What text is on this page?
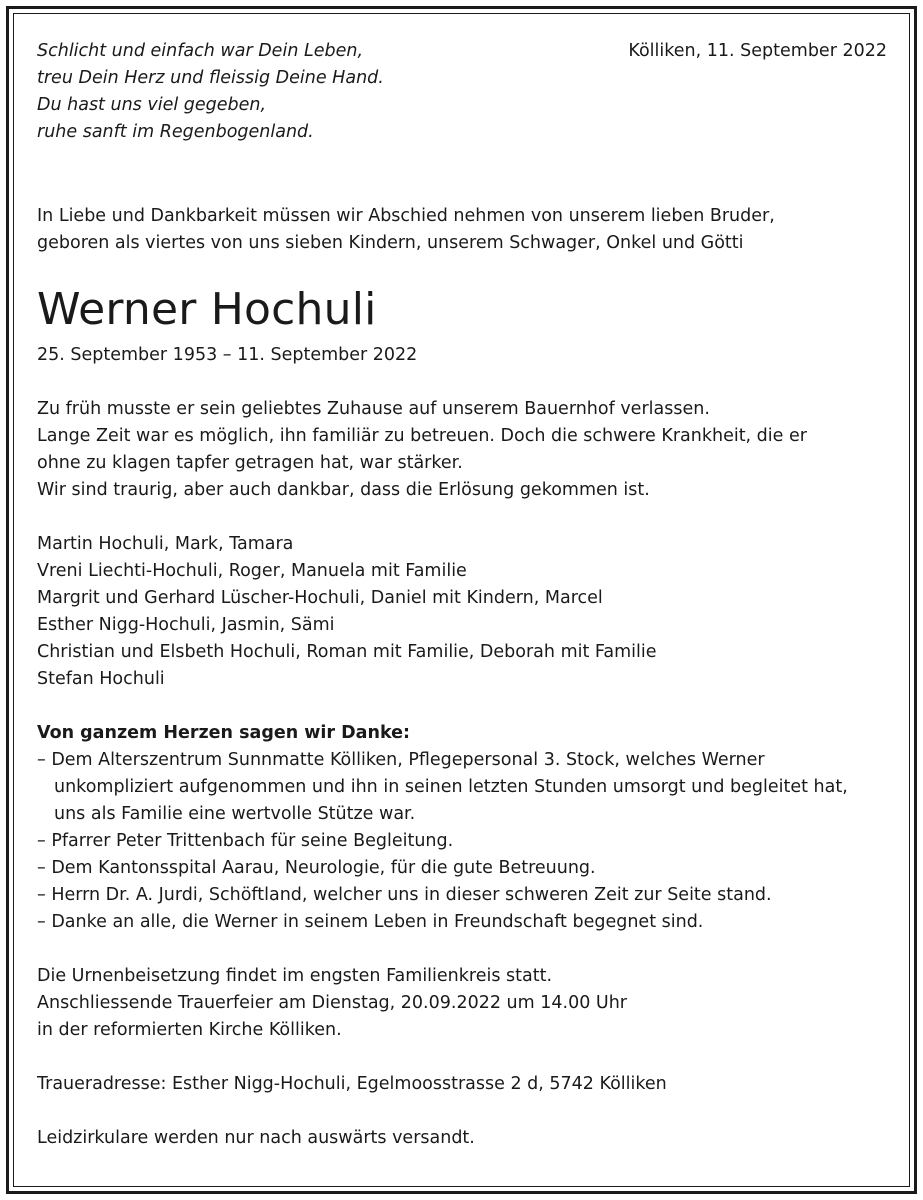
Kölliken, 11. September 2022
Schlicht und einfach war Dein Leben,
treu Dein Herz und fleissig Deine Hand.
Du hast uns viel gegeben,
ruhe sanft im Regenbogenland.
In Liebe und Dankbarkeit müssen wir Abschied nehmen von unserem lieben Bruder,
geboren als viertes von uns sieben Kindern, unserem Schwager, Onkel und Götti
Werner Hochuli
25. September 1953 – 11. September 2022
Zu früh musste er sein geliebtes Zuhause auf unserem Bauernhof verlassen.
Lange Zeit war es möglich, ihn familiär zu betreuen. Doch die schwere Krankheit, die er
ohne zu klagen tapfer getragen hat, war stärker.
Wir sind traurig, aber auch dankbar, dass die Erlösung gekommen ist.
Martin Hochuli, Mark, Tamara
Vreni Liechti-Hochuli, Roger, Manuela mit Familie
Margrit und Gerhard Lüscher-Hochuli, Daniel mit Kindern, Marcel
Esther Nigg-Hochuli, Jasmin, Sämi
Christian und Elsbeth Hochuli, Roman mit Familie, Deborah mit Familie
Stefan Hochuli
Von ganzem Herzen sagen wir Danke:
– Dem Alterszentrum Sunnmatte Kölliken, Pflegepersonal 3. Stock, welches Werner
unkompliziert aufgenommen und ihn in seinen letzten Stunden umsorgt und begleitet hat,
uns als Familie eine wertvolle Stütze war.
– Pfarrer Peter Trittenbach für seine Begleitung.
– Dem Kantonsspital Aarau, Neurologie, für die gute Betreuung.
– Herrn Dr. A. Jurdi, Schöftland, welcher uns in dieser schweren Zeit zur Seite stand.
– Danke an alle, die Werner in seinem Leben in Freundschaft begegnet sind.
Die Urnenbeisetzung findet im engsten Familienkreis statt.
Anschliessende Trauerfeier am Dienstag, 20.09.2022 um 14.00 Uhr
in der reformierten Kirche Kölliken.
Traueradresse: Esther Nigg-Hochuli, Egelmoosstrasse 2 d, 5742 Kölliken
Leidzirkulare werden nur nach auswärts versandt.
